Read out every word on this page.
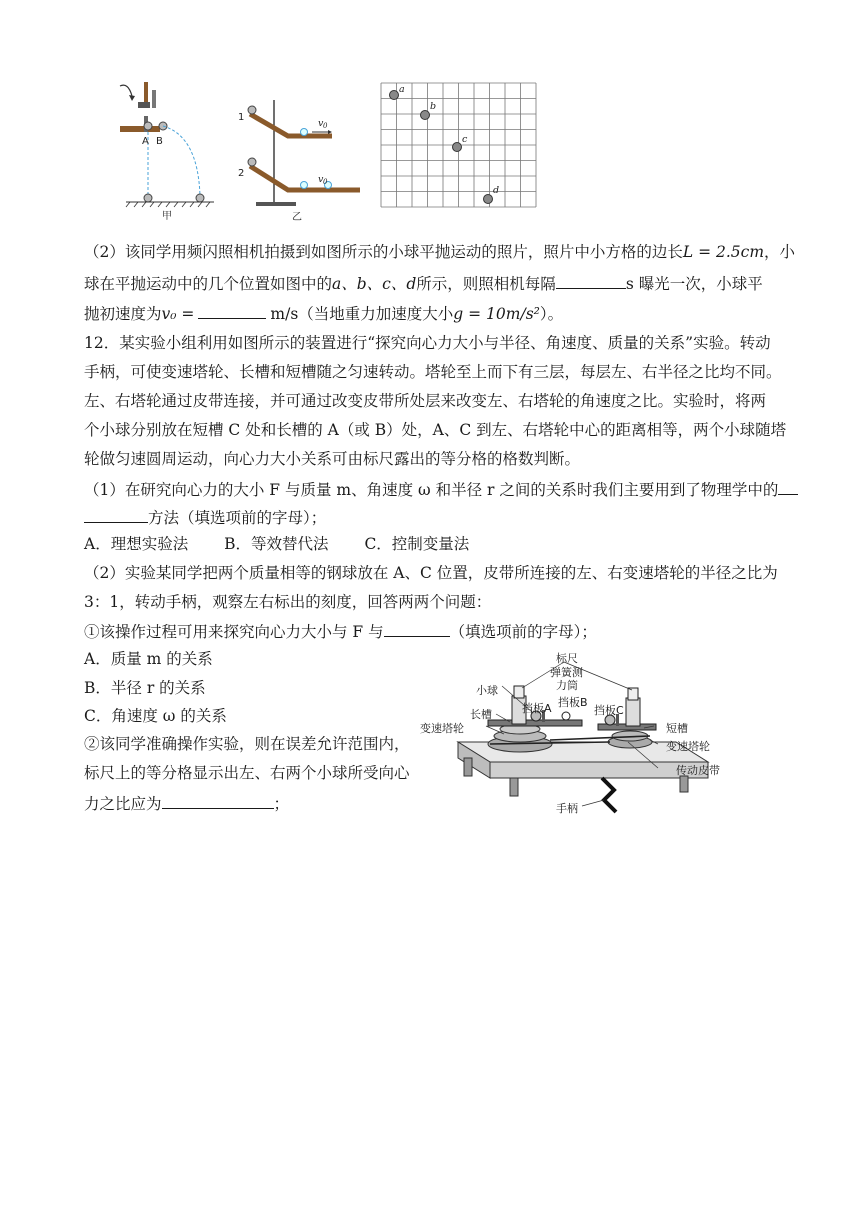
A B
甲
1
2
v 0
v 0
乙
a
b
c
d
（2）该同学用频闪照相机拍摄到如图所示的小球平抛运动的照片，照片中小方格的边长L = 2.5cm，小
球在平抛运动中的几个位置如图中的a、b、c、d所示，则照相机每隔	s 曝光一次，小球平
抛初速度为v₀ =	m/s（当地重力加速度大小g = 10m/s²）。
12．某实验小组利用如图所示的装置进行“探究向心力大小与半径、角速度、质量的关系”实验。转动
手柄，可使变速塔轮、长槽和短槽随之匀速转动。塔轮至上而下有三层，每层左、右半径之比均不同。
左、右塔轮通过皮带连接，并可通过改变皮带所处层来改变左、右塔轮的角速度之比。实验时，将两
个小球分别放在短槽 C 处和长槽的 A（或 B）处，A、C 到左、右塔轮中心的距离相等，两个小球随塔
轮做匀速圆周运动，向心力大小关系可由标尺露出的等分格的格数判断。
（1）在研究向心力的大小 F 与质量 m、角速度 ω 和半径 r 之间的关系时我们主要用到了物理学中的
方法（填选项前的字母）；
A．理想实验法　　 B．等效替代法　　 C．控制变量法
（2）实验某同学把两个质量相等的钢球放在 A、C 位置，皮带所连接的左、右变速塔轮的半径之比为
3：1，转动手柄，观察左右标出的刻度，回答两两个问题：
①该操作过程可用来探究向心力大小与 F 与	（填选项前的字母）；
A．质量 m 的关系
B．半径 r 的关系
C．角速度 ω 的关系
②该同学准确操作实验，则在误差允许范围内，
标尺上的等分格显示出左、右两个小球所受向心
力之比应为	；
标尺
弹簧测
力筒
小球
长槽	挡板A 挡板B
挡板C
短槽
变速塔轮
变速塔轮
传动皮带
手柄
